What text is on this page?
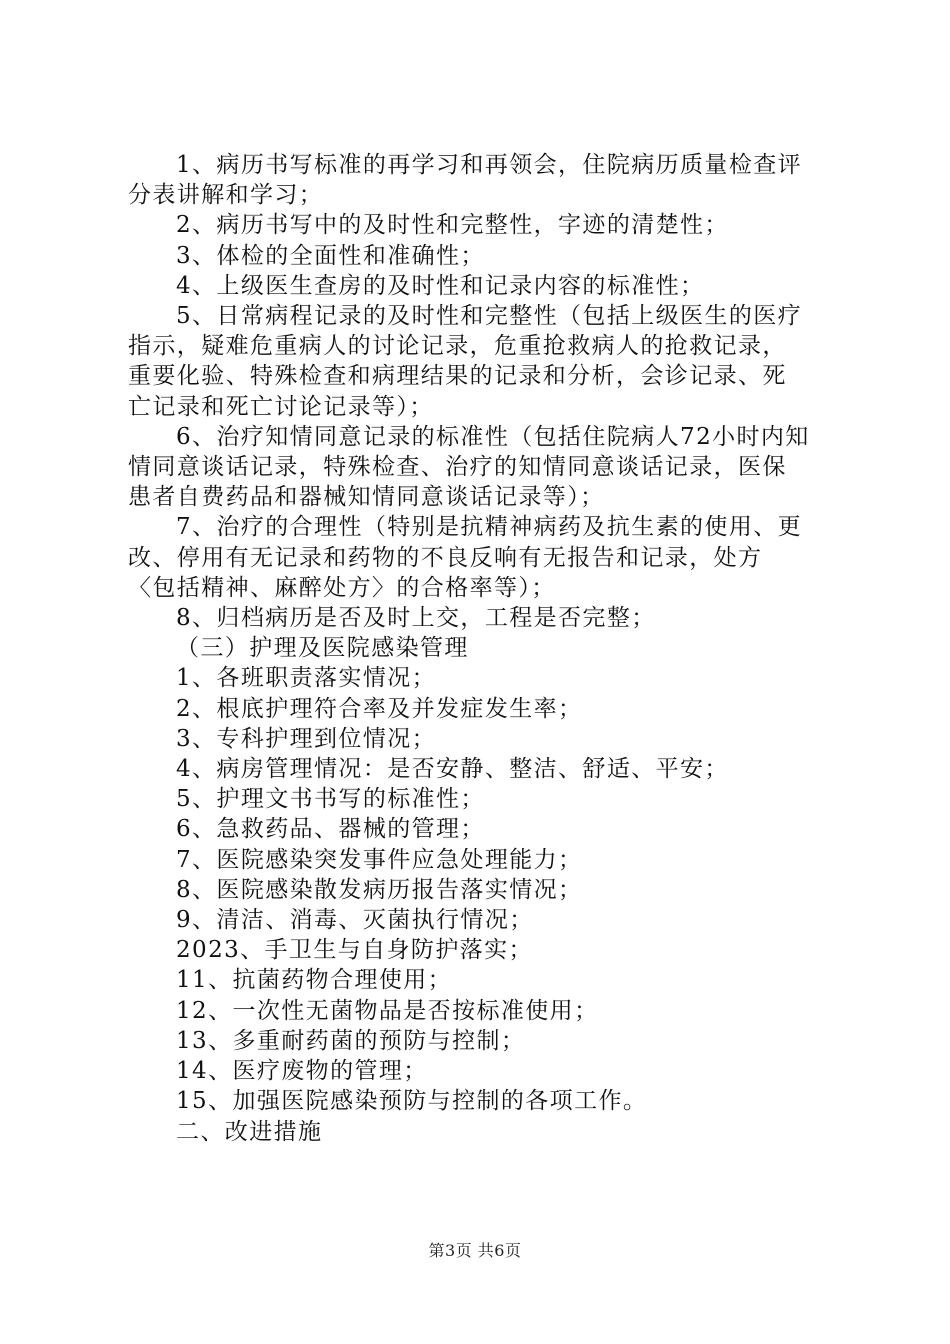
1、病历书写标准的再学习和再领会，住院病历质量检查评

分表讲解和学习；

2、病历书写中的及时性和完整性，字迹的清楚性；

3、体检的全面性和准确性；

4、上级医生查房的及时性和记录内容的标准性；

5、日常病程记录的及时性和完整性（包括上级医生的医疗

指示，疑难危重病人的讨论记录，危重抢救病人的抢救记录，

重要化验、特殊检查和病理结果的记录和分析，会诊记录、死

亡记录和死亡讨论记录等）；

6、治疗知情同意记录的标准性（包括住院病人72小时内知

情同意谈话记录，特殊检查、治疗的知情同意谈话记录，医保

患者自费药品和器械知情同意谈话记录等）；

7、治疗的合理性（特别是抗精神病药及抗生素的使用、更

改、停用有无记录和药物的不良反响有无报告和记录，处方

〈包括精神、麻醉处方〉的合格率等）；

8、归档病历是否及时上交，工程是否完整；

（三）护理及医院感染管理

1、各班职责落实情况；

2、根底护理符合率及并发症发生率；

3、专科护理到位情况；

4、病房管理情况：是否安静、整洁、舒适、平安；

5、护理文书书写的标准性；

6、急救药品、器械的管理；

7、医院感染突发事件应急处理能力；

8、医院感染散发病历报告落实情况；

9、清洁、消毒、灭菌执行情况；

2023、手卫生与自身防护落实；

11、抗菌药物合理使用；

12、一次性无菌物品是否按标准使用；

13、多重耐药菌的预防与控制；

14、医疗废物的管理；

15、加强医院感染预防与控制的各项工作。

二、改进措施

第3页 共6页
